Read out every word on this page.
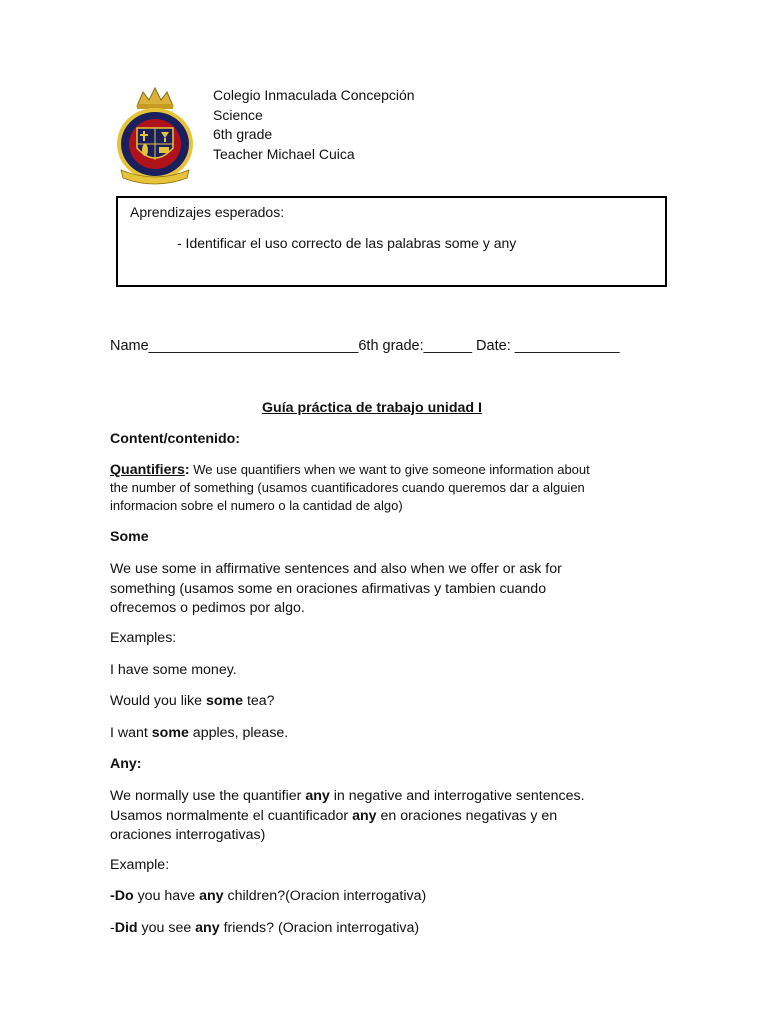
Colegio Inmaculada Concepción
Science
6th grade
Teacher Michael Cuica
Aprendizajes esperados:
- Identificar el uso correcto de las palabras some y any
Name__________________________6th grade:______ Date: _____________
Guía práctica de trabajo unidad I
Content/contenido:
Quantifiers: We use quantifiers when we want to give someone information about
the number of something (usamos cuantificadores cuando queremos dar a alguien
informacion sobre el numero o la cantidad de algo)
Some
We use some in affirmative sentences and also when we offer or ask for
something (usamos some en oraciones afirmativas y tambien cuando
ofrecemos o pedimos por algo.
Examples:
I have some money.
Would you like some tea?
I want some apples, please.
Any:
We normally use the quantifier any in negative and interrogative sentences.
Usamos normalmente el cuantificador any en oraciones negativas y en
oraciones interrogativas)
Example:
-Do you have any children?(Oracion interrogativa)
-Did you see any friends? (Oracion interrogativa)
